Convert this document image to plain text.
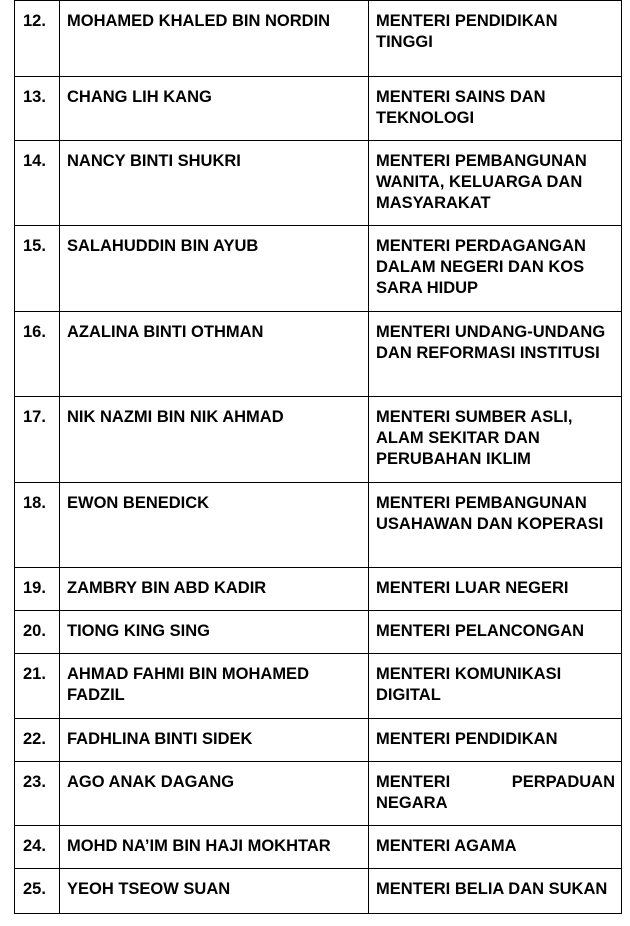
12.	MOHAMED KHALED BIN NORDIN	MENTERI PENDIDIKAN TINGGI
13.	CHANG LIH KANG	MENTERI SAINS DAN TEKNOLOGI
14.	NANCY BINTI SHUKRI	MENTERI PEMBANGUNAN WANITA, KELUARGA DAN MASYARAKAT
15.	SALAHUDDIN BIN AYUB	MENTERI PERDAGANGAN DALAM NEGERI DAN KOS SARA HIDUP
16.	AZALINA BINTI OTHMAN	MENTERI UNDANG-UNDANG DAN REFORMASI INSTITUSI
17.	NIK NAZMI BIN NIK AHMAD	MENTERI SUMBER ASLI, ALAM SEKITAR DAN PERUBAHAN IKLIM
18.	EWON BENEDICK	MENTERI PEMBANGUNAN USAHAWAN DAN KOPERASI
19.	ZAMBRY BIN ABD KADIR	MENTERI LUAR NEGERI
20.	TIONG KING SING	MENTERI PELANCONGAN
21.	AHMAD FAHMI BIN MOHAMED FADZIL	MENTERI KOMUNIKASI DIGITAL
22.	FADHLINA BINTI SIDEK	MENTERI PENDIDIKAN
23.	AGO ANAK DAGANG	MENTERI PERPADUAN NEGARA
24.	MOHD NA’IM BIN HAJI MOKHTAR	MENTERI AGAMA
25.	YEOH TSEOW SUAN	MENTERI BELIA DAN SUKAN
